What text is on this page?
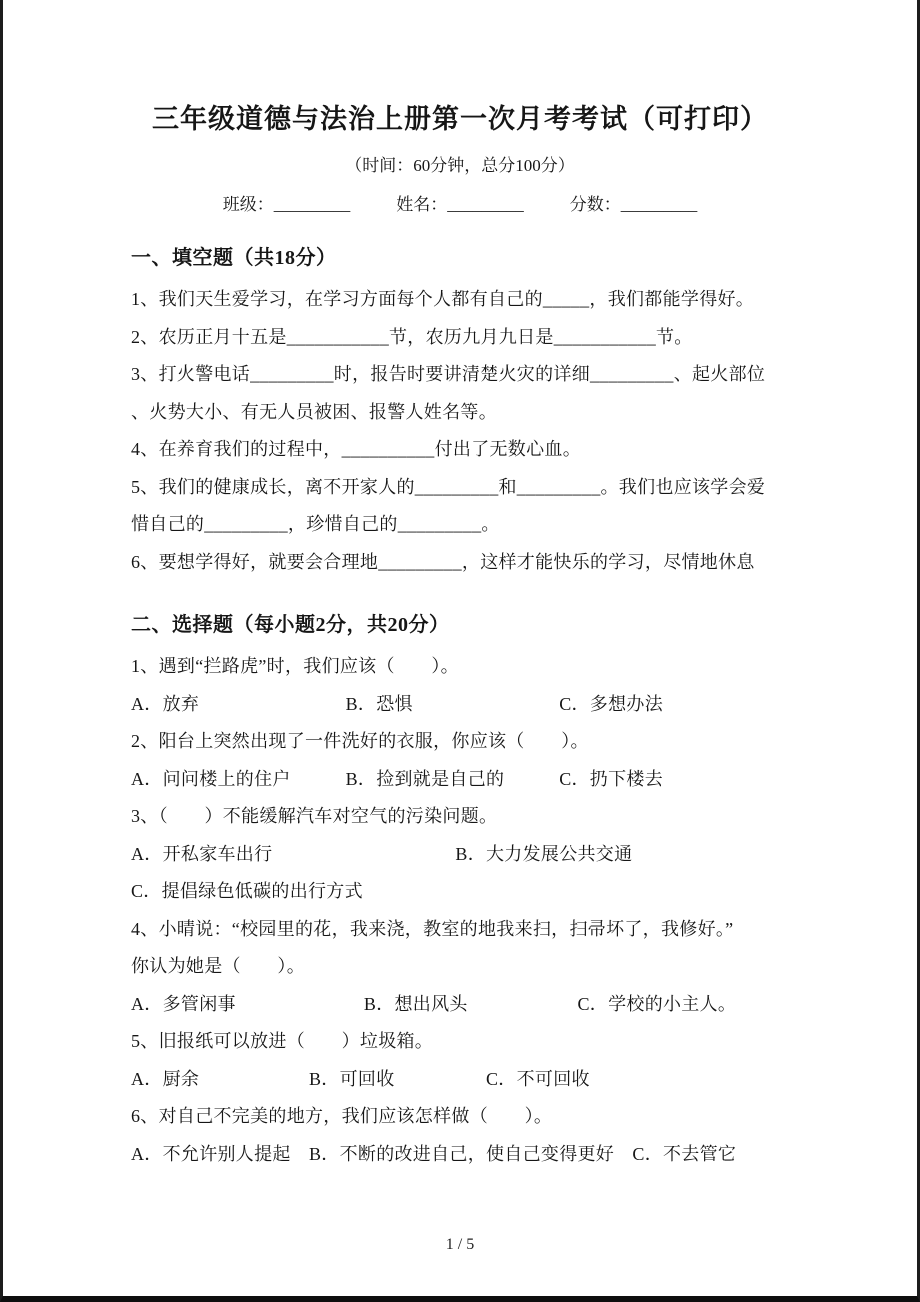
三年级道德与法治上册第一次月考考试（可打印）
（时间：60分钟，总分100分）
班级：_________	姓名：_________	分数：_________
一、填空题（共18分）

1、我们天生爱学习，在学习方面每个人都有自己的_____，我们都能学得好。

2、农历正月十五是___________节，农历九月九日是___________节。

3、打火警电话_________时，报告时要讲清楚火灾的详细_________、起火部位

、火势大小、有无人员被困、报警人姓名等。

4、在养育我们的过程中，__________付出了无数心血。

5、我们的健康成长，离不开家人的_________和_________。我们也应该学会爱

惜自己的_________，珍惜自己的_________。

6、要想学得好，就要会合理地_________，这样才能快乐的学习，尽情地休息

二、选择题（每小题2分，共20分）

1、遇到“拦路虎”时，我们应该（　　）。

A．放弃　　　　　　　　B．恐惧　　　　　　　　C．多想办法

2、阳台上突然出现了一件洗好的衣服，你应该（　　）。

A．问问楼上的住户　　　B．捡到就是自己的　　　C．扔下楼去

3、（　　）不能缓解汽车对空气的污染问题。

A．开私家车出行　　　　　　　　　　B．大力发展公共交通

C．提倡绿色低碳的出行方式

4、小晴说：“校园里的花，我来浇，教室的地我来扫，扫帚坏了，我修好。”

你认为她是（　　）。

A．多管闲事　　　　　　　B．想出风头　　　　　　C．学校的小主人。

5、旧报纸可以放进（　　）垃圾箱。

A．厨余　　　　　　B．可回收　　　　　C．不可回收

6、对自己不完美的地方，我们应该怎样做（　　）。

A．不允许别人提起　B．不断的改进自己，使自己变得更好　C．不去管它

1 / 5
